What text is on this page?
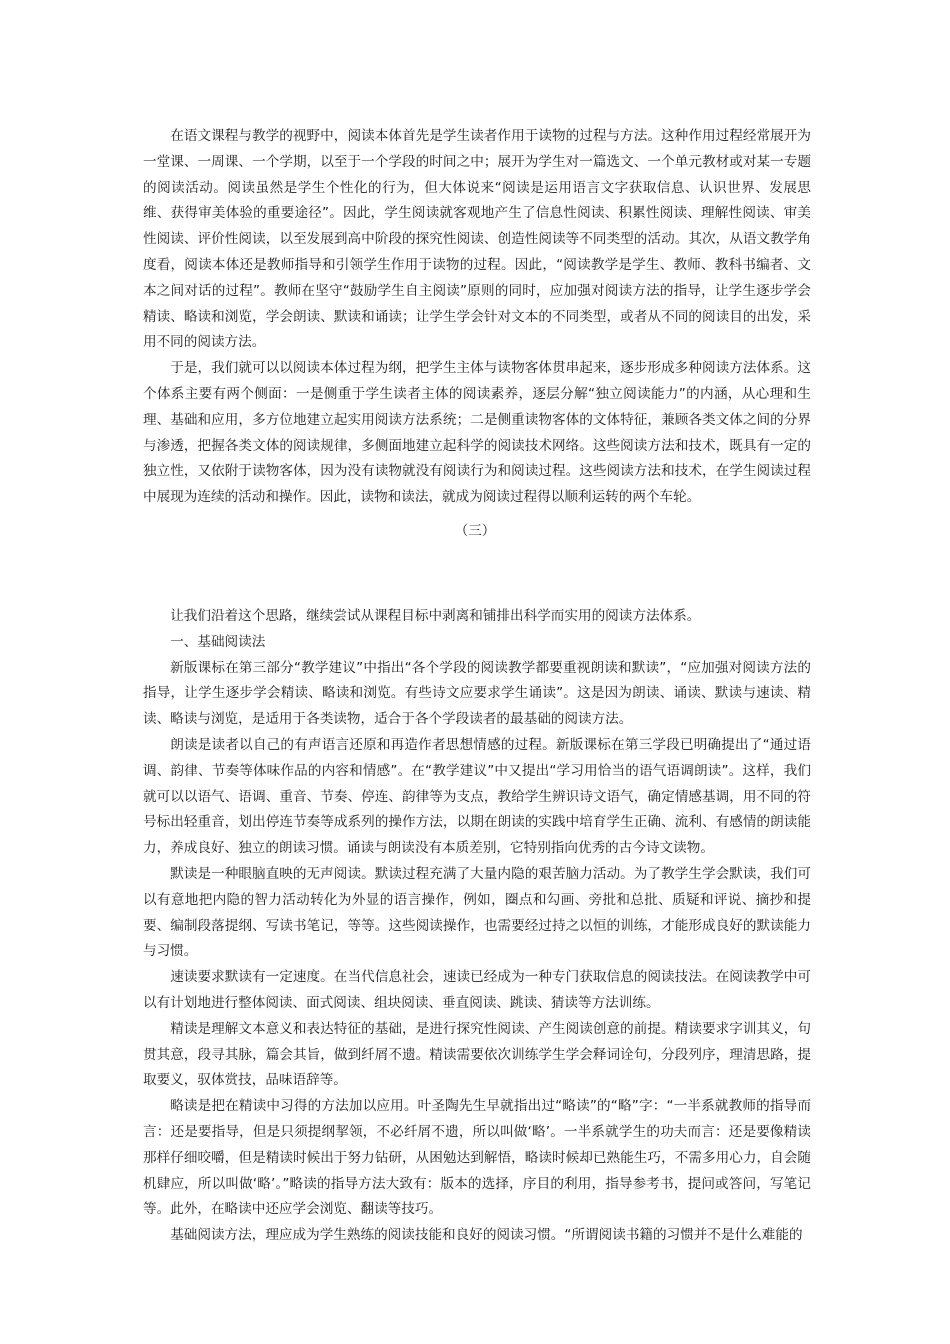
在语文课程与教学的视野中，阅读本体首先是学生读者作用于读物的过程与方法。这种作用过程经常展开为一堂课、一周课、一个学期，以至于一个学段的时间之中；展开为学生对一篇选文、一个单元教材或对某一专题的阅读活动。阅读虽然是学生个性化的行为，但大体说来“阅读是运用语言文字获取信息、认识世界、发展思维、获得审美体验的重要途径”。因此，学生阅读就客观地产生了信息性阅读、积累性阅读、理解性阅读、审美性阅读、评价性阅读，以至发展到高中阶段的探究性阅读、创造性阅读等不同类型的活动。其次，从语文教学角度看，阅读本体还是教师指导和引领学生作用于读物的过程。因此，“阅读教学是学生、教师、教科书编者、文本之间对话的过程”。教师在坚守“鼓励学生自主阅读”原则的同时，应加强对阅读方法的指导，让学生逐步学会精读、略读和浏览，学会朗读、默读和诵读；让学生学会针对文本的不同类型，或者从不同的阅读目的出发，采用不同的阅读方法。

于是，我们就可以以阅读本体过程为纲，把学生主体与读物客体贯串起来，逐步形成多种阅读方法体系。这个体系主要有两个侧面：一是侧重于学生读者主体的阅读素养，逐层分解“独立阅读能力”的内涵，从心理和生理、基础和应用，多方位地建立起实用阅读方法系统；二是侧重读物客体的文体特征，兼顾各类文体之间的分界与渗透，把握各类文体的阅读规律，多侧面地建立起科学的阅读技术网络。这些阅读方法和技术，既具有一定的独立性，又依附于读物客体，因为没有读物就没有阅读行为和阅读过程。这些阅读方法和技术，在学生阅读过程中展现为连续的活动和操作。因此，读物和读法，就成为阅读过程得以顺利运转的两个车轮。

（三）

让我们沿着这个思路，继续尝试从课程目标中剥离和铺排出科学而实用的阅读方法体系。

一、基础阅读法

新版课标在第三部分“教学建议”中指出“各个学段的阅读教学都要重视朗读和默读”，“应加强对阅读方法的指导，让学生逐步学会精读、略读和浏览。有些诗文应要求学生诵读”。这是因为朗读、诵读、默读与速读、精读、略读与浏览，是适用于各类读物，适合于各个学段读者的最基础的阅读方法。

朗读是读者以自己的有声语言还原和再造作者思想情感的过程。新版课标在第三学段已明确提出了“通过语调、韵律、节奏等体味作品的内容和情感”。在“教学建议”中又提出“学习用恰当的语气语调朗读”。这样，我们就可以以语气、语调、重音、节奏、停连、韵律等为支点，教给学生辨识诗文语气，确定情感基调，用不同的符号标出轻重音，划出停连节奏等成系列的操作方法，以期在朗读的实践中培育学生正确、流利、有感情的朗读能力，养成良好、独立的朗读习惯。诵读与朗读没有本质差别，它特别指向优秀的古今诗文读物。

默读是一种眼脑直映的无声阅读。默读过程充满了大量内隐的艰苦脑力活动。为了教学生学会默读，我们可以有意地把内隐的智力活动转化为外显的语言操作，例如，圈点和勾画、旁批和总批、质疑和评说、摘抄和提要、编制段落提纲、写读书笔记，等等。这些阅读操作，也需要经过持之以恒的训练，才能形成良好的默读能力与习惯。

速读要求默读有一定速度。在当代信息社会，速读已经成为一种专门获取信息的阅读技法。在阅读教学中可以有计划地进行整体阅读、面式阅读、组块阅读、垂直阅读、跳读、猜读等方法训练。

精读是理解文本意义和表达特征的基础，是进行探究性阅读、产生阅读创意的前提。精读要求字训其义，句贯其意，段寻其脉，篇会其旨，做到纤屑不遗。精读需要依次训练学生学会释词诠句，分段列序，理清思路，提取要义，驭体赏技，品味语辞等。

略读是把在精读中习得的方法加以应用。叶圣陶先生早就指出过“略读”的“略”字：“一半系就教师的指导而言：还是要指导，但是只须提纲挈领，不必纤屑不遗，所以叫做‘略’。一半系就学生的功夫而言：还是要像精读那样仔细咬嚼，但是精读时候出于努力钻研，从困勉达到解悟，略读时候却已熟能生巧，不需多用心力，自会随机肆应，所以叫做‘略’。”略读的指导方法大致有：版本的选择，序目的利用，指导参考书，提问或答问，写笔记等。此外，在略读中还应学会浏览、翻读等技巧。

基础阅读方法，理应成为学生熟练的阅读技能和良好的阅读习惯。“所谓阅读书籍的习惯并不是什么难能的
